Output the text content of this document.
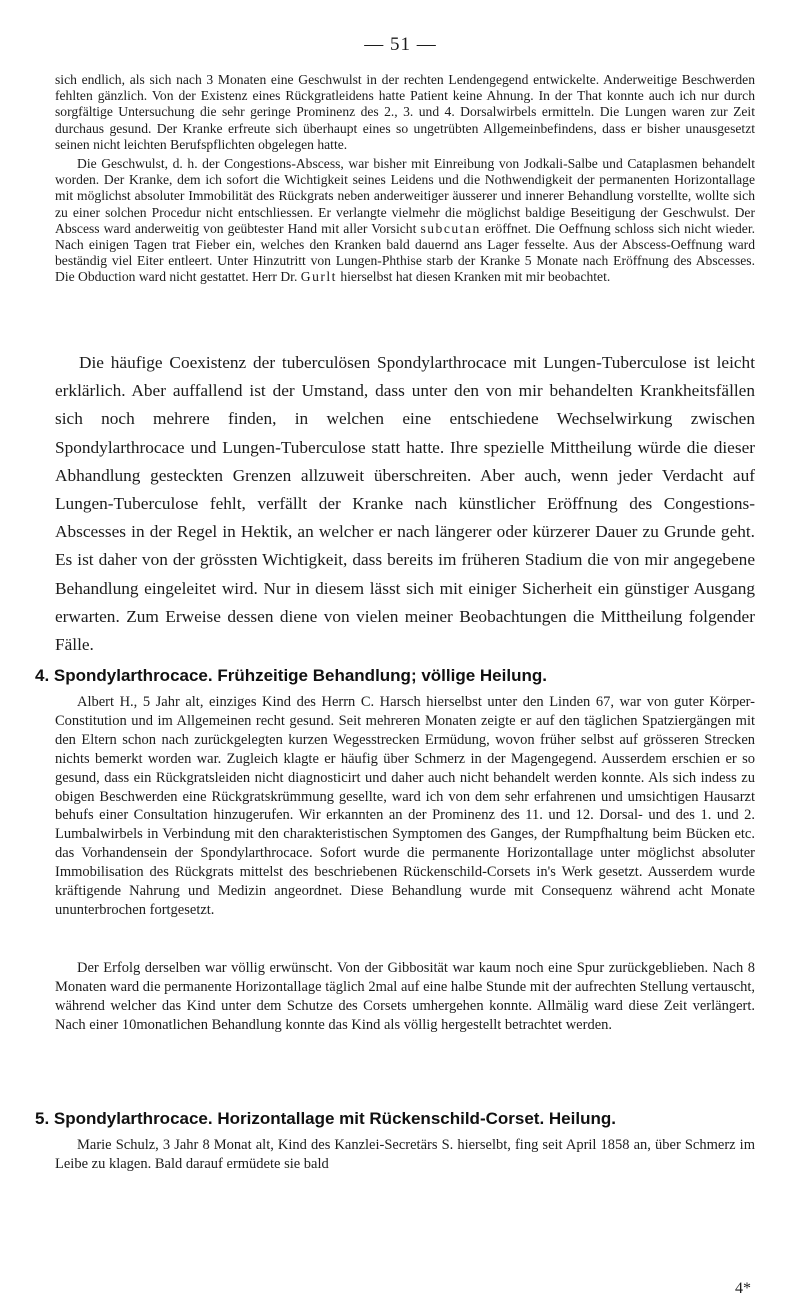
— 51 —

sich endlich, als sich nach 3 Monaten eine Geschwulst in der rechten Lendengegend entwickelte. Anderweitige Beschwerden fehlten gänzlich. Von der Existenz eines Rückgratleidens hatte Patient keine Ahnung. In der That konnte auch ich nur durch sorgfältige Untersuchung die sehr geringe Prominenz des 2., 3. und 4. Dorsalwirbels ermitteln. Die Lungen waren zur Zeit durchaus gesund. Der Kranke erfreute sich überhaupt eines so ungetrübten Allgemeinbefindens, dass er bisher unausgesetzt seinen nicht leichten Berufspflichten obgelegen hatte.

Die Geschwulst, d. h. der Congestions-Abscess, war bisher mit Einreibung von Jodkali-Salbe und Cataplasmen behandelt worden. Der Kranke, dem ich sofort die Wichtigkeit seines Leidens und die Nothwendigkeit der permanenten Horizontallage mit möglichst absoluter Immobilität des Rückgrats neben anderweitiger äusserer und innerer Behandlung vorstellte, wollte sich zu einer solchen Procedur nicht entschliessen. Er verlangte vielmehr die möglichst baldige Beseitigung der Geschwulst. Der Abscess ward anderweitig von geübtester Hand mit aller Vorsicht subcutan eröffnet. Die Oeffnung schloss sich nicht wieder. Nach einigen Tagen trat Fieber ein, welches den Kranken bald dauernd ans Lager fesselte. Aus der Abscess-Oeffnung ward beständig viel Eiter entleert. Unter Hinzutritt von Lungen-Phthise starb der Kranke 5 Monate nach Eröffnung des Abscesses. Die Obduction ward nicht gestattet. Herr Dr. Gurlt hierselbst hat diesen Kranken mit mir beobachtet.

Die häufige Coexistenz der tuberculösen Spondylarthrocace mit Lungen-Tuberculose ist leicht erklärlich. Aber auffallend ist der Umstand, dass unter den von mir behandelten Krankheitsfällen sich noch mehrere finden, in welchen eine entschiedene Wechselwirkung zwischen Spondylarthrocace und Lungen-Tuberculose statt hatte. Ihre spezielle Mittheilung würde die dieser Abhandlung gesteckten Grenzen allzuweit überschreiten. Aber auch, wenn jeder Verdacht auf Lungen-Tuberculose fehlt, verfällt der Kranke nach künstlicher Eröffnung des Congestions-Abscesses in der Regel in Hektik, an welcher er nach längerer oder kürzerer Dauer zu Grunde geht. Es ist daher von der grössten Wichtigkeit, dass bereits im früheren Stadium die von mir angegebene Behandlung eingeleitet wird. Nur in diesem lässt sich mit einiger Sicherheit ein günstiger Ausgang erwarten. Zum Erweise dessen diene von vielen meiner Beobachtungen die Mittheilung folgender Fälle.

4. Spondylarthrocace. Frühzeitige Behandlung; völlige Heilung.

Albert H., 5 Jahr alt, einziges Kind des Herrn C. Harsch hierselbst unter den Linden 67, war von guter Körper-Constitution und im Allgemeinen recht gesund. Seit mehreren Monaten zeigte er auf den täglichen Spatziergängen mit den Eltern schon nach zurückgelegten kurzen Wegesstrecken Ermüdung, wovon früher selbst auf grösseren Strecken nichts bemerkt worden war. Zugleich klagte er häufig über Schmerz in der Magengegend. Ausserdem erschien er so gesund, dass ein Rückgratsleiden nicht diagnosticirt und daher auch nicht behandelt werden konnte. Als sich indess zu obigen Beschwerden eine Rückgratskrümmung gesellte, ward ich von dem sehr erfahrenen und umsichtigen Hausarzt behufs einer Consultation hinzugerufen. Wir erkannten an der Prominenz des 11. und 12. Dorsal- und des 1. und 2. Lumbalwirbels in Verbindung mit den charakteristischen Symptomen des Ganges, der Rumpfhaltung beim Bücken etc. das Vorhandensein der Spondylarthrocace. Sofort wurde die permanente Horizontallage unter möglichst absoluter Immobilisation des Rückgrats mittelst des beschriebenen Rückenschild-Corsets in's Werk gesetzt. Ausserdem wurde kräftigende Nahrung und Medizin angeordnet. Diese Behandlung wurde mit Consequenz während acht Monate ununterbrochen fortgesetzt.

Der Erfolg derselben war völlig erwünscht. Von der Gibbosität war kaum noch eine Spur zurückgeblieben. Nach 8 Monaten ward die permanente Horizontallage täglich 2mal auf eine halbe Stunde mit der aufrechten Stellung vertauscht, während welcher das Kind unter dem Schutze des Corsets umhergehen konnte. Allmälig ward diese Zeit verlängert. Nach einer 10monatlichen Behandlung konnte das Kind als völlig hergestellt betrachtet werden.

5. Spondylarthrocace. Horizontallage mit Rückenschild-Corset. Heilung.

Marie Schulz, 3 Jahr 8 Monat alt, Kind des Kanzlei-Secretärs S. hierselbt, fing seit April 1858 an, über Schmerz im Leibe zu klagen. Bald darauf ermüdete sie bald

4*
